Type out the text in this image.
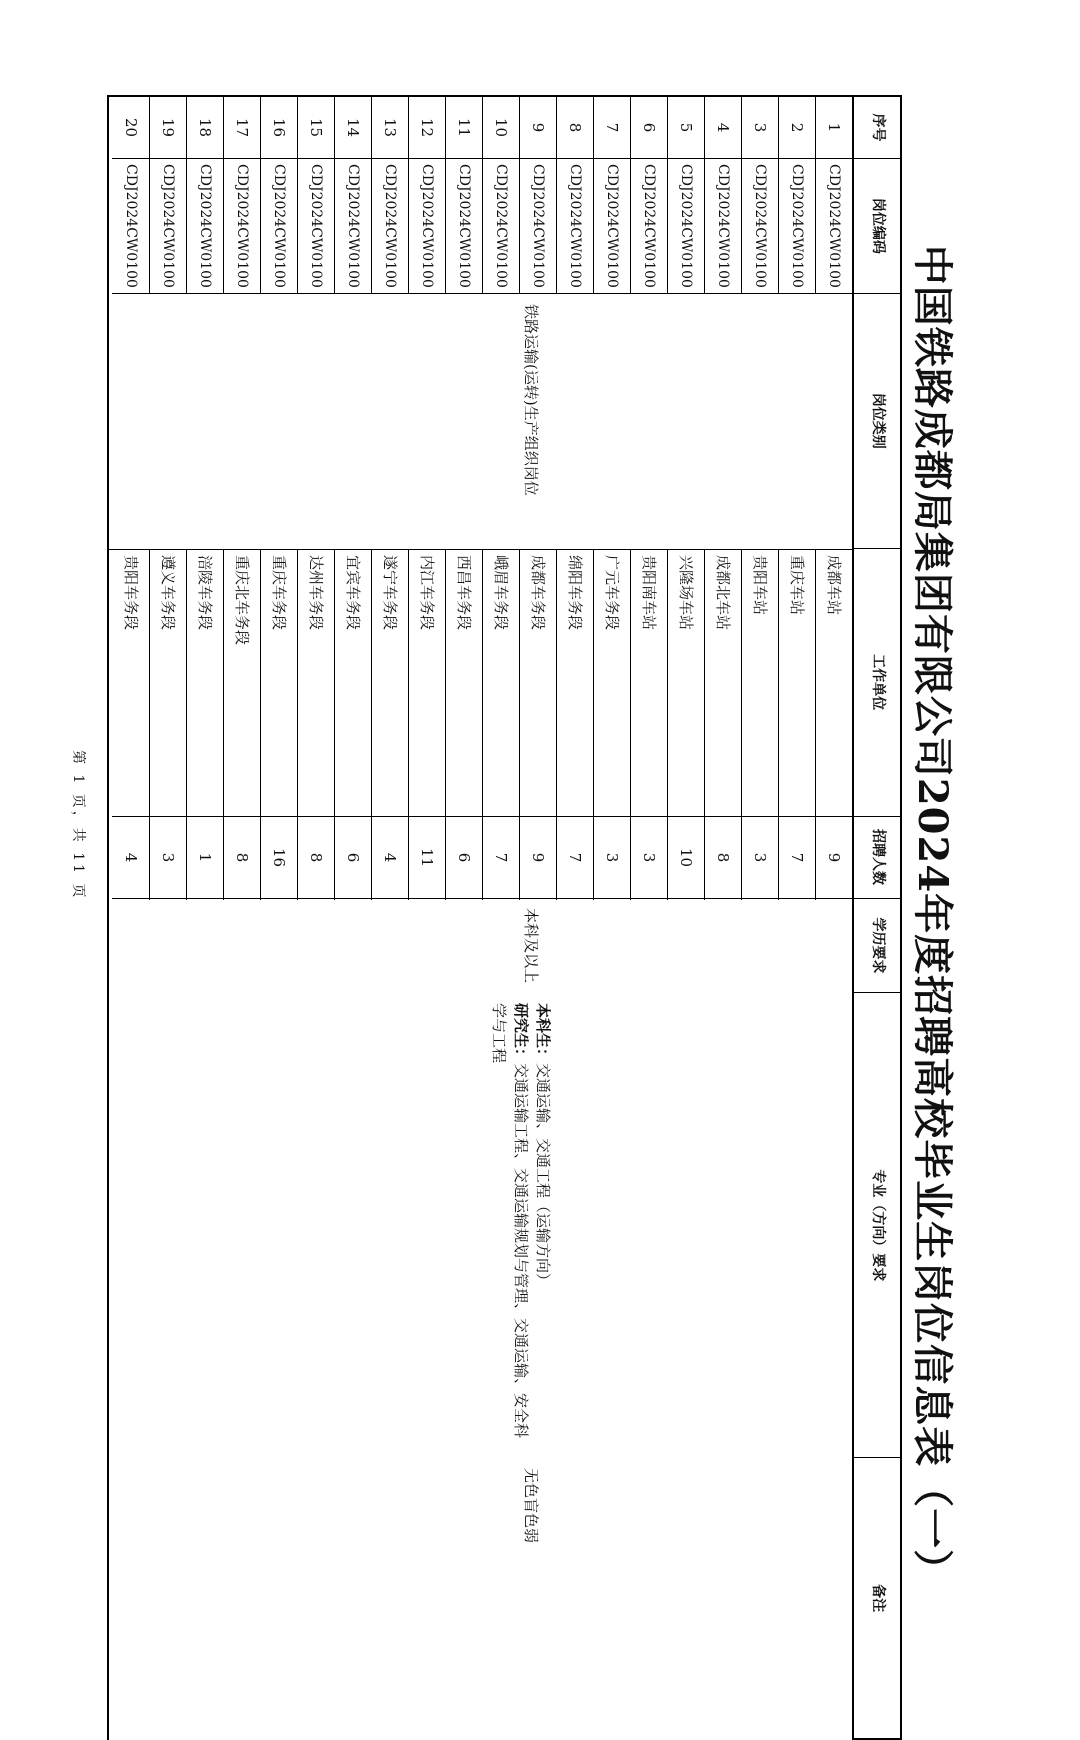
中国铁路成都局集团有限公司2024年度招聘高校毕业生岗位信息表（一）
序号
岗位编码
岗位类别
工作单位
招聘人数
学历要求
专业（方向）要求
备注
1
CDJ2024CW0100
成都车站
9
2
CDJ2024CW0100
重庆车站
7
3
CDJ2024CW0100
贵阳车站
3
4
CDJ2024CW0100
成都北车站
8
5
CDJ2024CW0100
兴隆场车站
10
6
CDJ2024CW0100
贵阳南车站
3
7
CDJ2024CW0100
广元车务段
3
8
CDJ2024CW0100
绵阳车务段
7
9
CDJ2024CW0100
成都车务段
9
10
CDJ2024CW0100
峨眉车务段
7
11
CDJ2024CW0100
西昌车务段
6
12
CDJ2024CW0100
内江车务段
11
13
CDJ2024CW0100
遂宁车务段
4
14
CDJ2024CW0100
宜宾车务段
6
15
CDJ2024CW0100
达州车务段
8
16
CDJ2024CW0100
重庆车务段
16
17
CDJ2024CW0100
重庆北车务段
8
18
CDJ2024CW0100
涪陵车务段
1
19
CDJ2024CW0100
遵义车务段
3
20
CDJ2024CW0100
贵阳车务段
4
铁路运输(运转)生产组织岗位
本科及以上
本科生：交通运输、交通工程（运输方向）
研究生：交通运输工程、交通运输规划与管理、交通运输、安全科学与工程
无色盲色弱
第 1 页，共 11 页
